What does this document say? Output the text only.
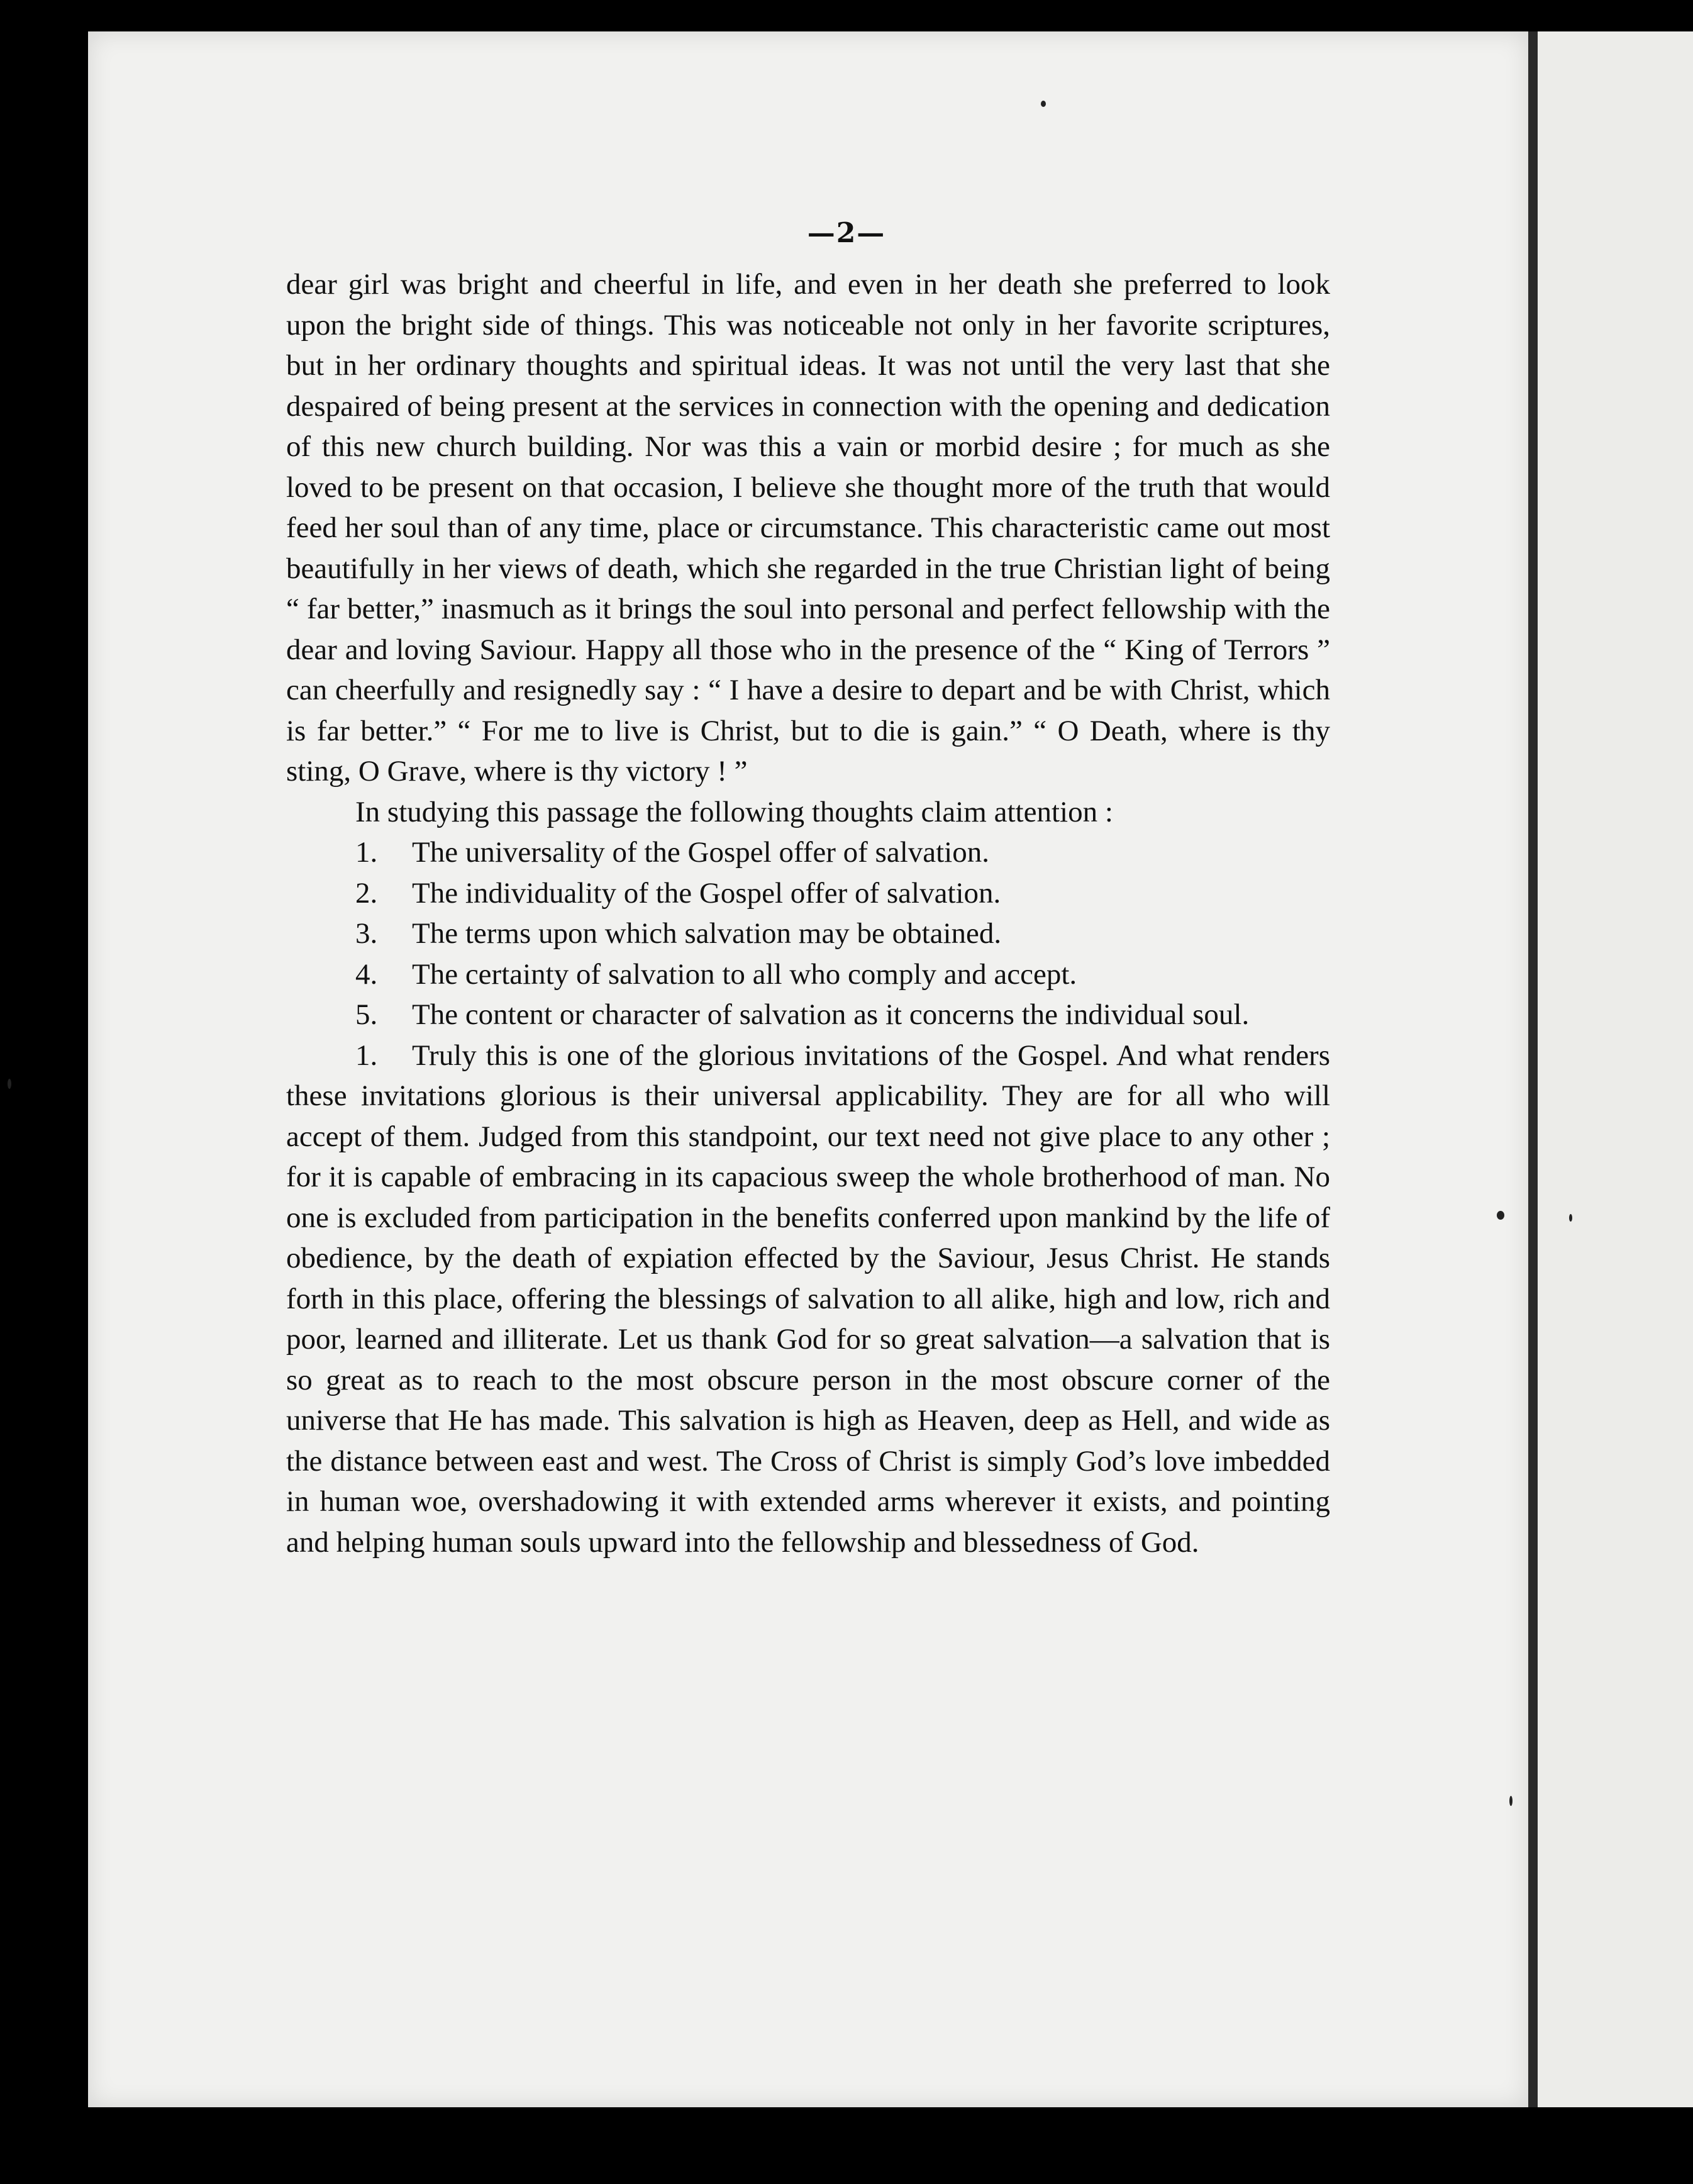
—2—

dear girl was bright and cheerful in life, and even in her death she preferred to look upon the bright side of things. This was noticeable not only in her favorite scriptures, but in her ordinary thoughts and spiritual ideas. It was not until the very last that she despaired of being present at the services in connection with the opening and dedication of this new church building. Nor was this a vain or morbid desire ; for much as she loved to be present on that occasion, I believe she thought more of the truth that would feed her soul than of any time, place or circumstance. This characteristic came out most beautifully in her views of death, which she regarded in the true Christian light of being “ far better,” inasmuch as it brings the soul into personal and perfect fellowship with the dear and loving Saviour. Happy all those who in the presence of the “ King of Terrors ” can cheerfully and resignedly say : “ I have a desire to depart and be with Christ, which is far better.” “ For me to live is Christ, but to die is gain.” “ O Death, where is thy sting, O Grave, where is thy victory ! ”

In studying this passage the following thoughts claim attention :

1. The universality of the Gospel offer of salvation.

2. The individuality of the Gospel offer of salvation.

3. The terms upon which salvation may be obtained.

4. The certainty of salvation to all who comply and accept.

5. The content or character of salvation as it concerns the individual soul.

1. Truly this is one of the glorious invitations of the Gospel. And what renders these invitations glorious is their universal applicability. They are for all who will accept of them. Judged from this standpoint, our text need not give place to any other ; for it is capable of embracing in its capacious sweep the whole brotherhood of man. No one is excluded from participation in the benefits conferred upon mankind by the life of obedience, by the death of expiation effected by the Saviour, Jesus Christ. He stands forth in this place, offering the blessings of salvation to all alike, high and low, rich and poor, learned and illiterate. Let us thank God for so great salvation—a salvation that is so great as to reach to the most obscure person in the most obscure corner of the universe that He has made. This salvation is high as Heaven, deep as Hell, and wide as the distance between east and west. The Cross of Christ is simply God’s love imbedded in human woe, overshadowing it with extended arms wherever it exists, and pointing and helping human souls upward into the fellowship and blessedness of God.
